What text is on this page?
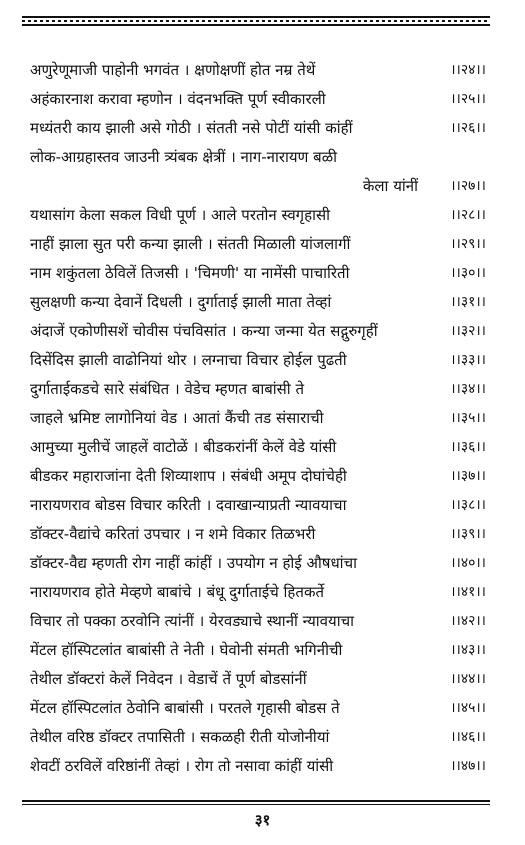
अणुरेणूमाजी पाहोनी भगवंत । क्षणोक्षणीं होत नम्र तेथें	।।२४।।
अहंकारनाश करावा म्हणोन । वंदनभक्ति पूर्ण स्वीकारली	।।२५।।
मध्यंतरी काय झाली असे गोठी । संतती नसे पोटीं यांसी कांहीं	।।२६।।
लोक-आग्रहास्तव जाउनी त्र्यंबक क्षेत्रीं । नाग-नारायण बळी
केला यांनीं ।।२७।।
यथासांग केला सकल विधी पूर्ण । आले परतोन स्वगृहासी	।।२८।।
नाहीं झाला सुत परी कन्या झाली । संतती मिळाली यांजलागीं	।।२९।।
नाम शकुंतला ठेविलें तिजसी । 'चिमणी' या नामेंसी पाचारिती	।।३०।।
सुलक्षणी कन्या देवानें दिधली । दुर्गाताई झाली माता तेव्हां	।।३१।।
अंदाजें एकोणीसशें चोवीस पंचविसांत । कन्या जन्मा येत सद्गुरुगृहीं	।।३२।।
दिसेंदिस झाली वाढोनियां थोर । लग्नाचा विचार होईल पुढती	।।३३।।
दुर्गाताईकडचे सारे संबंधित । वेडेच म्हणत बाबांसी ते	।।३४।।
जाहले भ्रमिष्ट लागोनियां वेड । आतां कैंची तड संसाराची	।।३५।।
आमुच्या मुलीचें जाहलें वाटोळें । बीडकरांनीं केलें वेडे यांसी	।।३६।।
बीडकर महाराजांना देती शिव्याशाप । संबंधी अमूप दोघांचेही	।।३७।।
नारायणराव बोडस विचार करिती । दवाखान्याप्रती न्यावयाचा	।।३८।।
डॉक्टर-वैद्यांचे करितां उपचार । न शमे विकार तिळभरी	।।३९।।
डॉक्टर-वैद्य म्हणती रोग नाहीं कांहीं । उपयोग न होई औषधांचा	।।४०।।
नारायणराव होते मेव्हणे बाबांचे । बंधू दुर्गाताईचे हितकर्ते	।।४१।।
विचार तो पक्का ठरवोनि त्यांनीं । येरवड्याचे स्थानीं न्यावयाचा	।।४२।।
मेंटल हॉस्पिटलांत बाबांसी ते नेती । घेवोनी संमती भगिनीची	।।४३।।
तेथील डॉक्टरां केलें निवेदन । वेडाचें तें पूर्ण बोडसांनीं	।।४४।।
मेंटल हॉस्पिटलांत ठेवोनि बाबांसी । परतले गृहासी बोडस ते	।।४५।।
तेथील वरिष्ठ डॉक्टर तपासिती । सकळही रीती योजोनीयां	।।४६।।
शेवटीं ठरविलें वरिष्ठांनीं तेव्हां । रोग तो नसावा कांहीं यांसी	।।४७।।
३१
